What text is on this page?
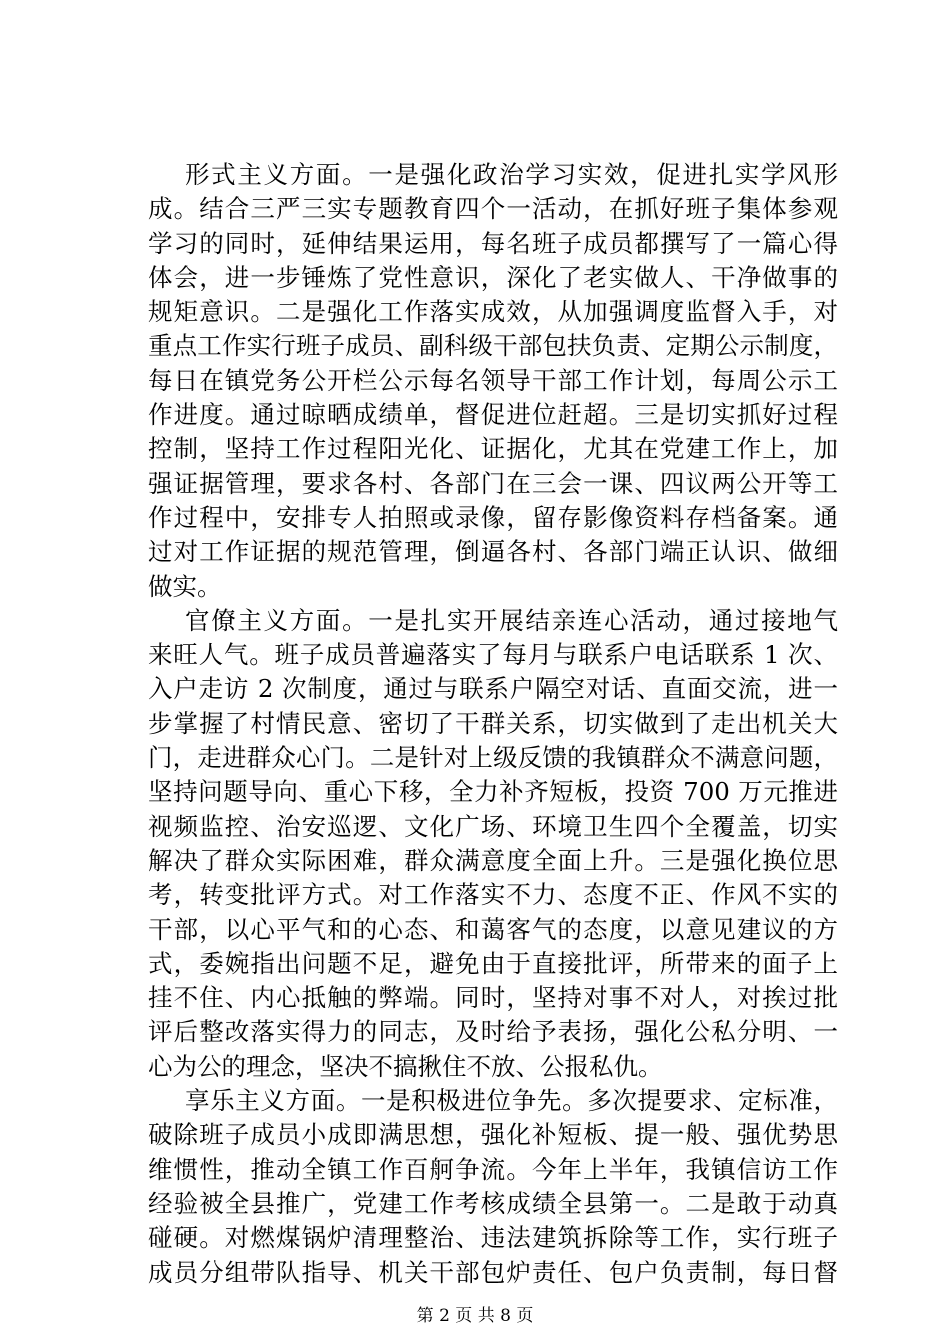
形式主义方面。一是强化政治学习实效，促进扎实学风形
成。结合三严三实专题教育四个一活动，在抓好班子集体参观
学习的同时，延伸结果运用，每名班子成员都撰写了一篇心得
体会，进一步锤炼了党性意识，深化了老实做人、干净做事的
规矩意识。二是强化工作落实成效，从加强调度监督入手，对
重点工作实行班子成员、副科级干部包扶负责、定期公示制度，
每日在镇党务公开栏公示每名领导干部工作计划，每周公示工
作进度。通过晾晒成绩单，督促进位赶超。三是切实抓好过程
控制，坚持工作过程阳光化、证据化，尤其在党建工作上，加
强证据管理，要求各村、各部门在三会一课、四议两公开等工
作过程中，安排专人拍照或录像，留存影像资料存档备案。通
过对工作证据的规范管理，倒逼各村、各部门端正认识、做细
做实。
官僚主义方面。一是扎实开展结亲连心活动，通过接地气
来旺人气。班子成员普遍落实了每月与联系户电话联系 1 次、
入户走访 2 次制度，通过与联系户隔空对话、直面交流，进一
步掌握了村情民意、密切了干群关系，切实做到了走出机关大
门，走进群众心门。二是针对上级反馈的我镇群众不满意问题，
坚持问题导向、重心下移，全力补齐短板，投资 700 万元推进
视频监控、治安巡逻、文化广场、环境卫生四个全覆盖，切实
解决了群众实际困难，群众满意度全面上升。三是强化换位思
考，转变批评方式。对工作落实不力、态度不正、作风不实的
干部，以心平气和的心态、和蔼客气的态度，以意见建议的方
式，委婉指出问题不足，避免由于直接批评，所带来的面子上
挂不住、内心抵触的弊端。同时，坚持对事不对人，对挨过批
评后整改落实得力的同志，及时给予表扬，强化公私分明、一
心为公的理念，坚决不搞揪住不放、公报私仇。
享乐主义方面。一是积极进位争先。多次提要求、定标准，
破除班子成员小成即满思想，强化补短板、提一般、强优势思
维惯性，推动全镇工作百舸争流。今年上半年，我镇信访工作
经验被全县推广，党建工作考核成绩全县第一。二是敢于动真
碰硬。对燃煤锅炉清理整治、违法建筑拆除等工作，实行班子
成员分组带队指导、机关干部包炉责任、包户负责制，每日督
第 2 页 共 8 页
